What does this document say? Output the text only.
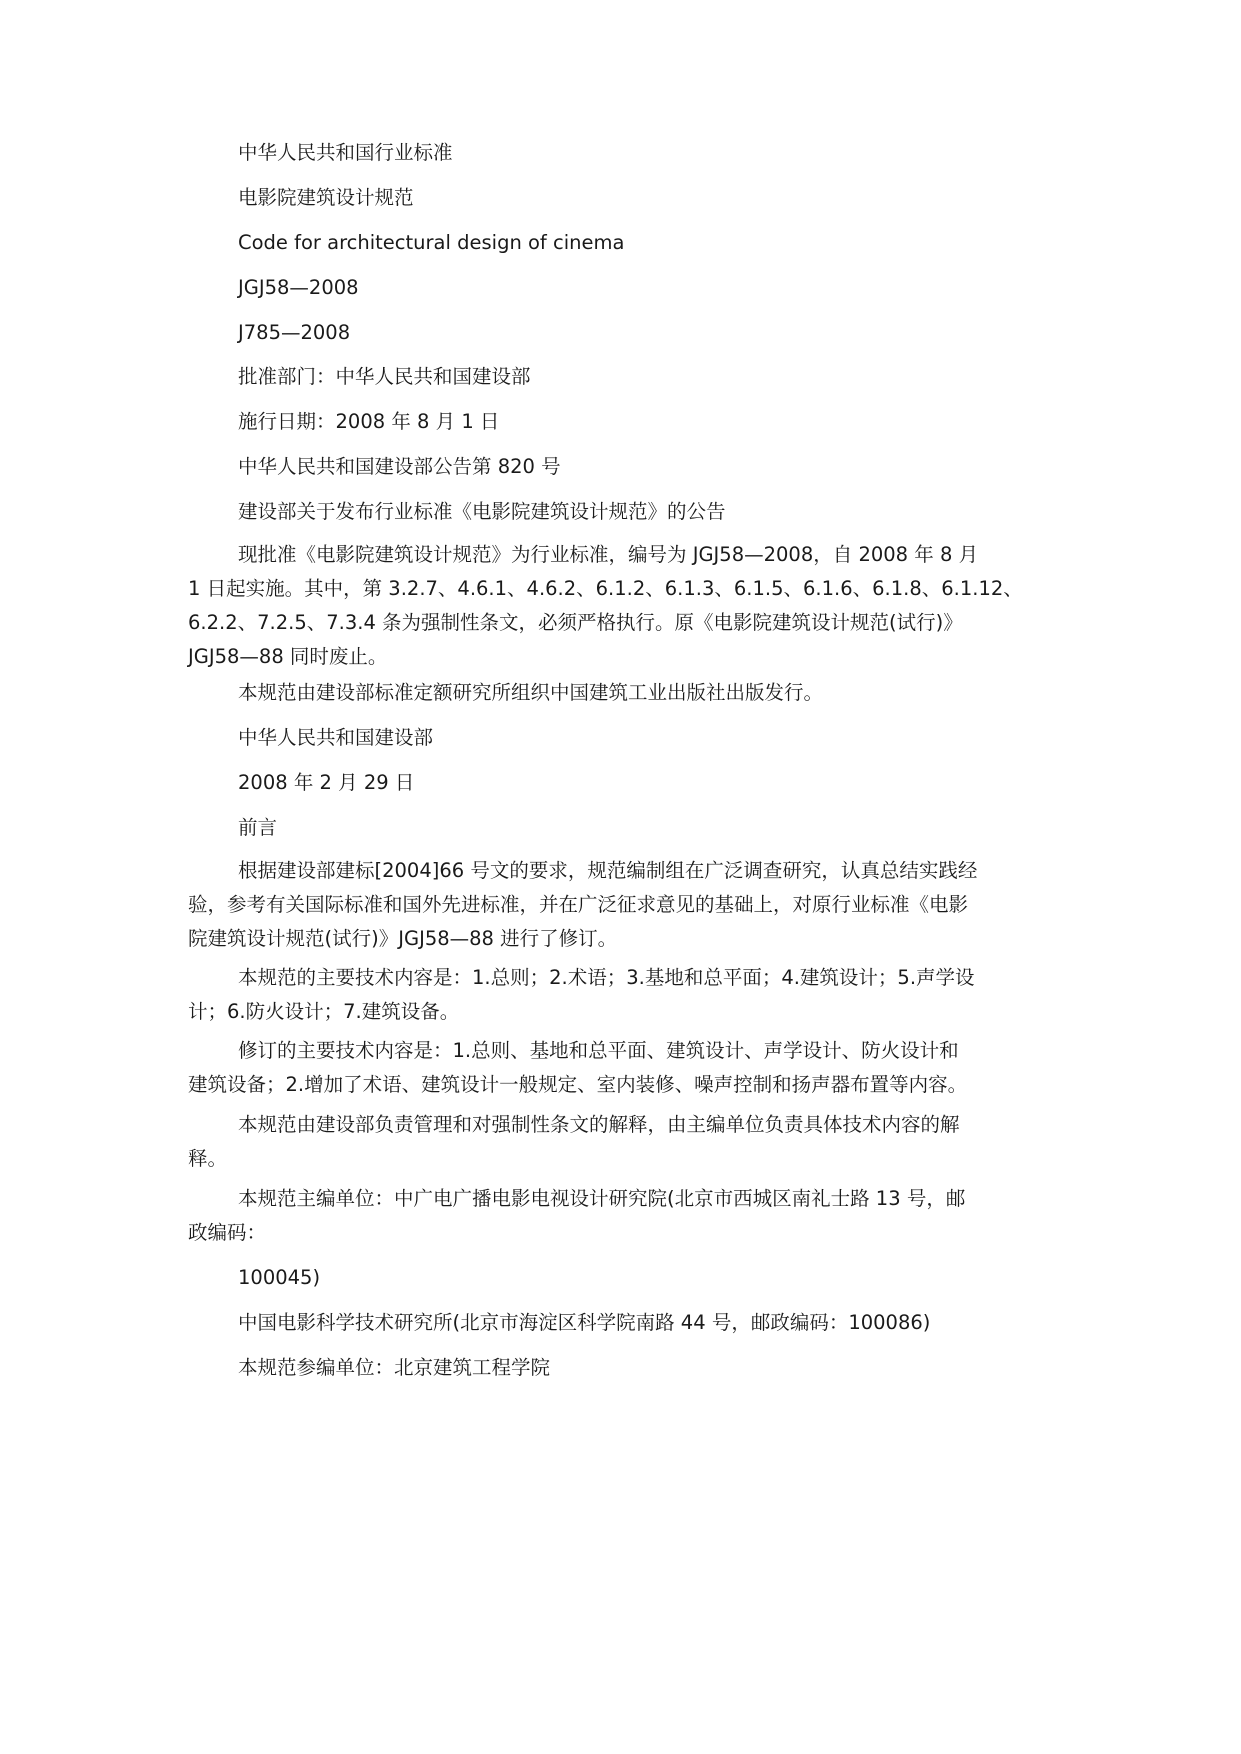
中华人民共和国行业标准

电影院建筑设计规范

Code for architectural design of cinema

JGJ58—2008

J785—2008

批准部门：中华人民共和国建设部

施行日期：2008 年 8 月 1 日

中华人民共和国建设部公告第 820 号

建设部关于发布行业标准《电影院建筑设计规范》的公告

现批准《电影院建筑设计规范》为行业标准，编号为 JGJ58—2008，自 2008 年 8 月
1 日起实施。其中，第 3.2.7、4.6.1、4.6.2、6.1.2、6.1.3、6.1.5、6.1.6、6.1.8、6.1.12、
6.2.2、7.2.5、7.3.4 条为强制性条文，必须严格执行。原《电影院建筑设计规范(试行)》
JGJ58—88 同时废止。

本规范由建设部标准定额研究所组织中国建筑工业出版社出版发行。

中华人民共和国建设部

2008 年 2 月 29 日

前言

根据建设部建标[2004]66 号文的要求，规范编制组在广泛调查研究，认真总结实践经
验，参考有关国际标准和国外先进标准，并在广泛征求意见的基础上，对原行业标准《电影
院建筑设计规范(试行)》JGJ58—88 进行了修订。
本规范的主要技术内容是：1.总则；2.术语；3.基地和总平面；4.建筑设计；5.声学设
计；6.防火设计；7.建筑设备。
修订的主要技术内容是：1.总则、基地和总平面、建筑设计、声学设计、防火设计和
建筑设备；2.增加了术语、建筑设计一般规定、室内装修、噪声控制和扬声器布置等内容。
本规范由建设部负责管理和对强制性条文的解释，由主编单位负责具体技术内容的解
释。
本规范主编单位：中广电广播电影电视设计研究院(北京市西城区南礼士路 13 号，邮
政编码：

100045)

中国电影科学技术研究所(北京市海淀区科学院南路 44 号，邮政编码：100086)

本规范参编单位：北京建筑工程学院
